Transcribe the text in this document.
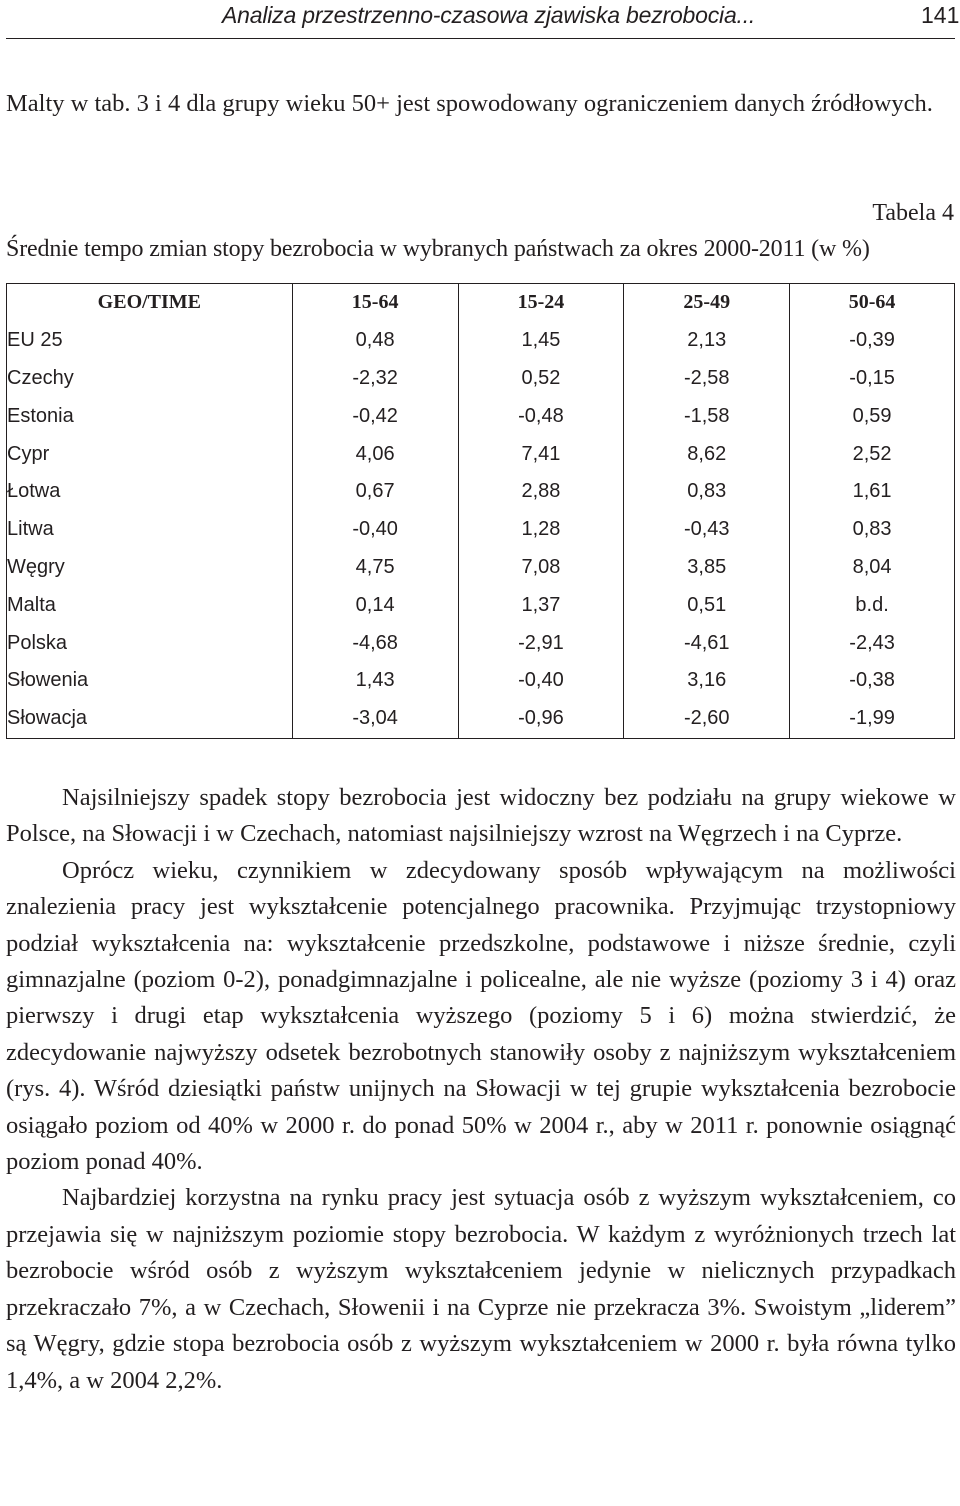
Analiza przestrzenno-czasowa zjawiska bezrobocia...	141

Malty w tab. 3 i 4 dla grupy wieku 50+ jest spowodowany ograniczeniem danych źródłowych.

Tabela 4
Średnie tempo zmian stopy bezrobocia w wybranych państwach za okres 2000-2011 (w %)
GEO/TIME	15-64	15-24	25-49	50-64
EU 25	0,48	1,45	2,13	-0,39
Czechy	-2,32	0,52	-2,58	-0,15
Estonia	-0,42	-0,48	-1,58	0,59
Cypr	4,06	7,41	8,62	2,52
Łotwa	0,67	2,88	0,83	1,61
Litwa	-0,40	1,28	-0,43	0,83
Węgry	4,75	7,08	3,85	8,04
Malta	0,14	1,37	0,51	b.d.
Polska	-4,68	-2,91	-4,61	-2,43
Słowenia	1,43	-0,40	3,16	-0,38
Słowacja	-3,04	-0,96	-2,60	-1,99

Najsilniejszy spadek stopy bezrobocia jest widoczny bez podziału na grupy wiekowe w Polsce, na Słowacji i w Czechach, natomiast najsilniejszy wzrost na Węgrzech i na Cyprze.

Oprócz wieku, czynnikiem w zdecydowany sposób wpływającym na możliwości znalezienia pracy jest wykształcenie potencjalnego pracownika. Przyjmując trzystopniowy podział wykształcenia na: wykształcenie przedszkolne, podstawowe i niższe średnie, czyli gimnazjalne (poziom 0-2), ponadgimnazjalne i policealne, ale nie wyższe (poziomy 3 i 4) oraz pierwszy i drugi etap wykształcenia wyższego (poziomy 5 i 6) można stwierdzić, że zdecydowanie najwyższy odsetek bezrobotnych stanowiły osoby z najniższym wykształceniem (rys. 4). Wśród dziesiątki państw unijnych na Słowacji w tej grupie wykształcenia bezrobocie osiągało poziom od 40% w 2000 r. do ponad 50% w 2004 r., aby w 2011 r. ponownie osiągnąć poziom ponad 40%.

Najbardziej korzystna na rynku pracy jest sytuacja osób z wyższym wykształceniem, co przejawia się w najniższym poziomie stopy bezrobocia. W każdym z wyróżnionych trzech lat bezrobocie wśród osób z wyższym wykształceniem jedynie w nielicznych przypadkach przekraczało 7%, a w Czechach, Słowenii i na Cyprze nie przekracza 3%. Swoistym „liderem” są Węgry, gdzie stopa bezrobocia osób z wyższym wykształceniem w 2000 r. była równa tylko 1,4%, a w 2004 2,2%.
